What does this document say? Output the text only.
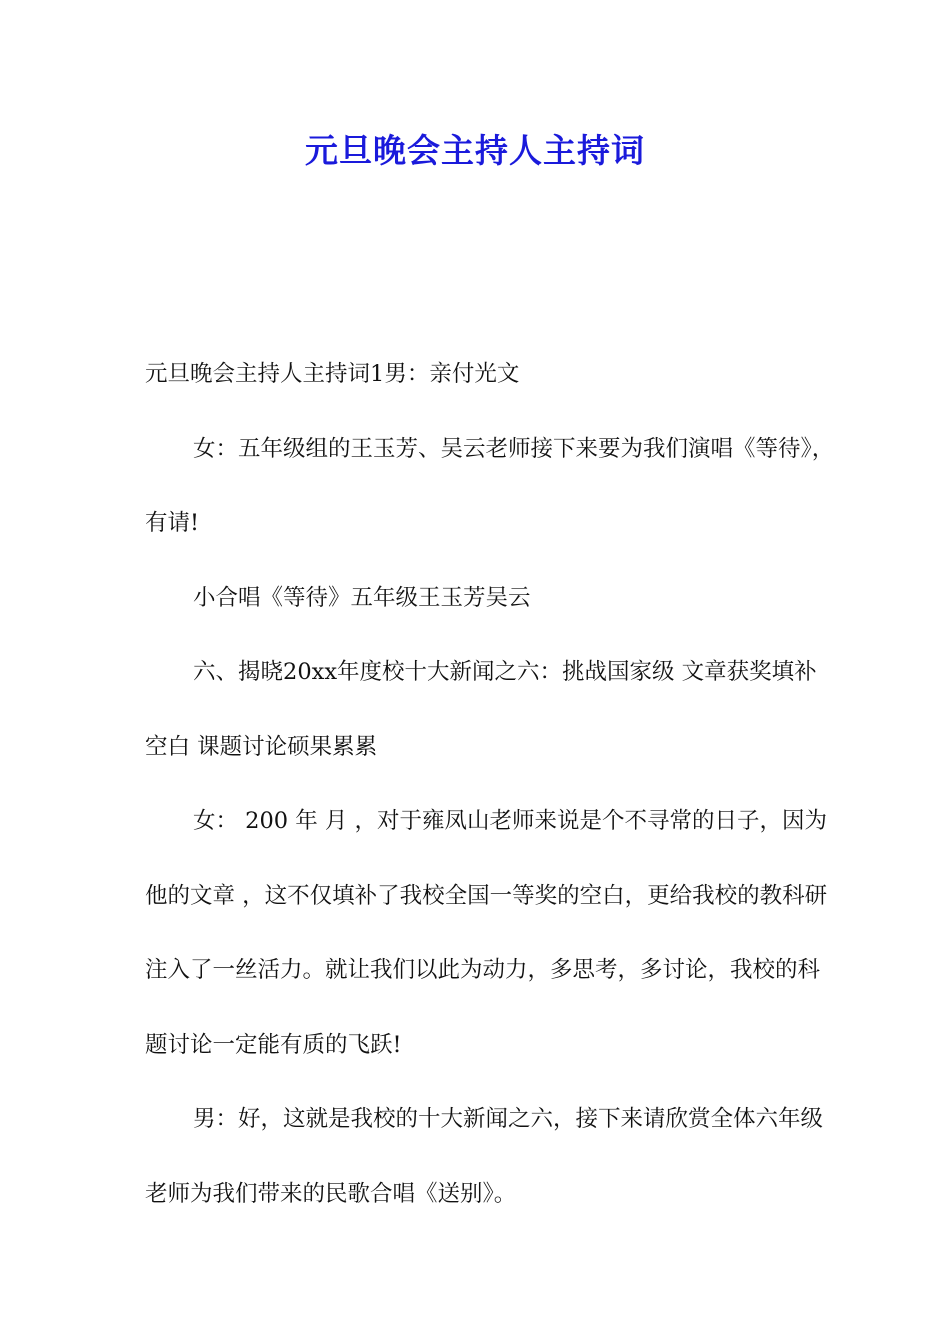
元旦晚会主持人主持词

元旦晚会主持人主持词1男：亲付光文

女：五年级组的王玉芳、吴云老师接下来要为我们演唱《等待》，有请!

小合唱《等待》五年级王玉芳吴云

六、揭晓20xx年度校十大新闻之六：挑战国家级 文章获奖填补空白 课题讨论硕果累累

女： 200 年 月 ，对于雍凤山老师来说是个不寻常的日子，因为他的文章 ，这不仅填补了我校全国一等奖的空白，更给我校的教科研注入了一丝活力。就让我们以此为动力，多思考，多讨论，我校的科题讨论一定能有质的飞跃!

男：好，这就是我校的十大新闻之六，接下来请欣赏全体六年级老师为我们带来的民歌合唱《送别》。
